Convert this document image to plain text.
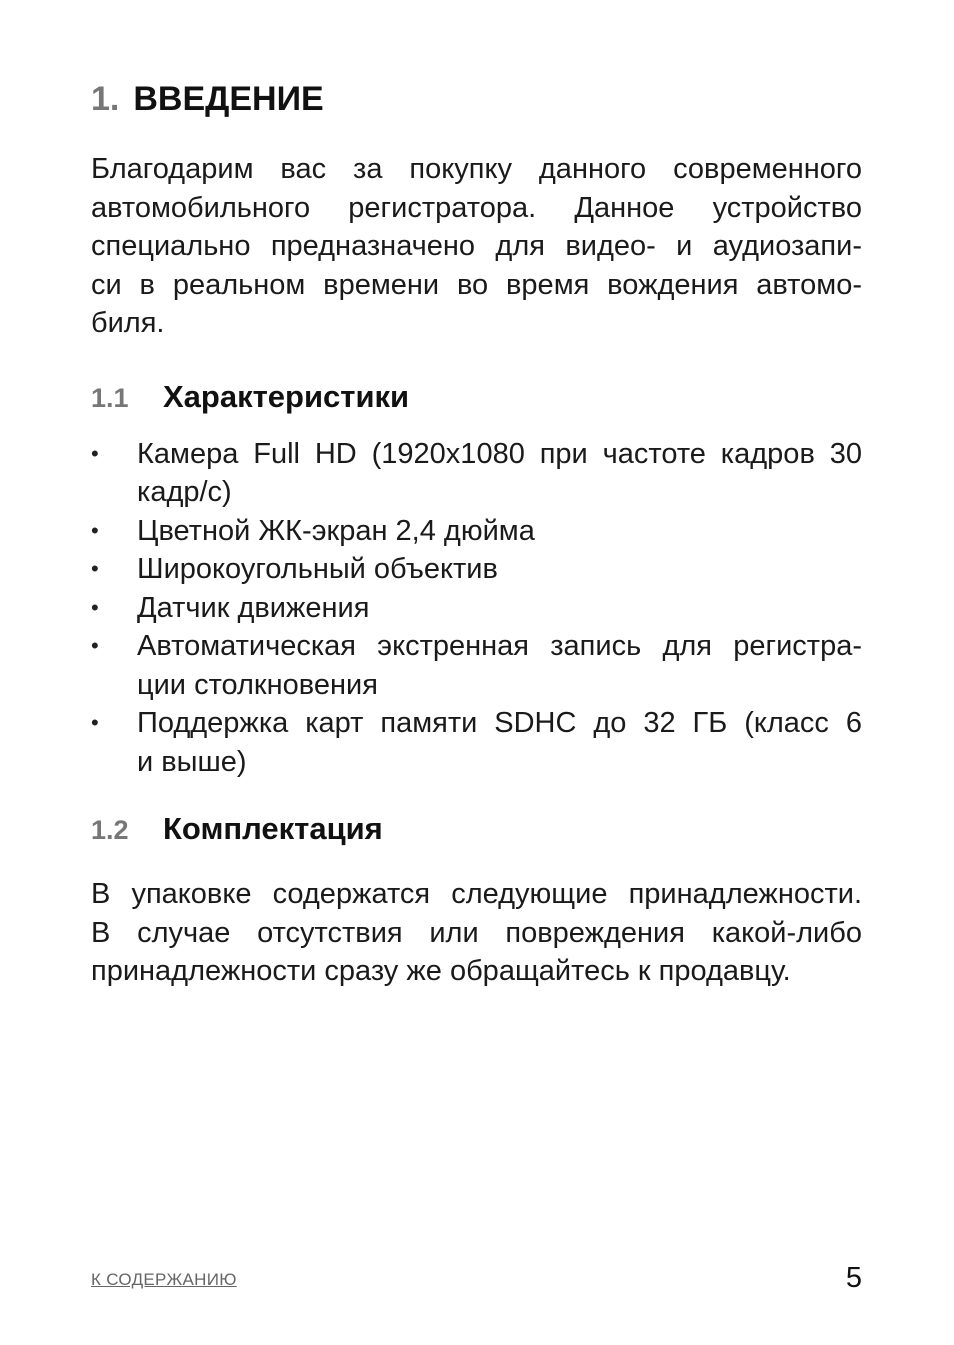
1. ВВЕДЕНИЕ

Благодарим вас за покупку данного современного
автомобильного регистратора. Данное устройство
специально предназначено для видео- и аудиозапи-
си в реальном времени во время вождения автомо-
биля.

1.1	Характеристики
• Камера Full HD (1920x1080 при частоте кадров 30
кадр/с)
• Цветной ЖК-экран 2,4 дюйма
• Широкоугольный объектив
• Датчик движения
• Автоматическая экстренная запись для регистра-
ции столкновения
• Поддержка карт памяти SDHC до 32 ГБ (класс 6
и выше)
1.2	Комплектация

В упаковке содержатся следующие принадлежности.
В случае отсутствия или повреждения какой-либо
принадлежности сразу же обращайтесь к продавцу.

К СОДЕРЖАНИЮ	5
